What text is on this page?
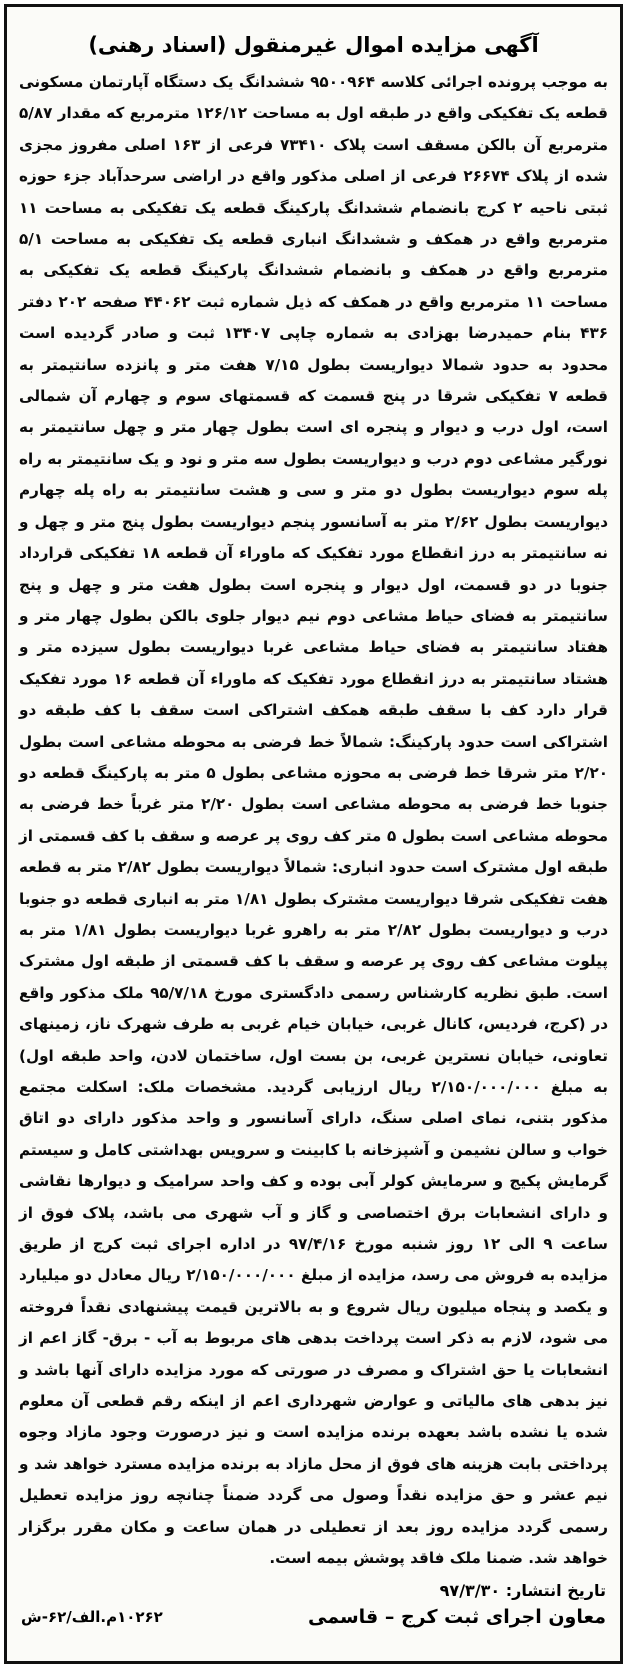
آگهی مزایده اموال غیرمنقول (اسناد رهنی)

به موجب پرونده اجرائی کلاسه ۹۵۰۰۹۶۴ ششدانگ یک دستگاه آپارتمان مسکونی قطعه یک تفکیکی واقع در طبقه اول به مساحت ۱۲۶/۱۲ مترمربع که مقدار ۵/۸۷ مترمربع آن بالکن مسقف است پلاک ۷۳۴۱۰ فرعی از ۱۶۳ اصلی مفروز مجزی شده از پلاک ۲۶۶۷۴ فرعی از اصلی مذکور واقع در اراضی سرحدآباد جزء حوزه ثبتی ناحیه ۲ کرج بانضمام ششدانگ پارکینگ قطعه یک تفکیکی به مساحت ۱۱ مترمربع واقع در همکف و ششدانگ انباری قطعه یک تفکیکی به مساحت ۵/۱ مترمربع واقع در همکف و بانضمام ششدانگ پارکینگ قطعه یک تفکیکی به مساحت ۱۱ مترمربع واقع در همکف که ذیل شماره ثبت ۴۴۰۶۲ صفحه ۲۰۲ دفتر ۴۳۶ بنام حمیدرضا بهزادی به شماره چاپی ۱۳۴۰۷ ثبت و صادر گردیده است محدود به حدود شمالا دیواریست بطول ۷/۱۵ هفت متر و پانزده سانتیمتر به قطعه ۷ تفکیکی شرقا در پنج قسمت که قسمتهای سوم و چهارم آن شمالی است، اول درب و دیوار و پنجره ای است بطول چهار متر و چهل سانتیمتر به نورگیر مشاعی دوم درب و دیواریست بطول سه متر و نود و یک سانتیمتر به راه پله سوم دیواریست بطول دو متر و سی و هشت سانتیمتر به راه پله چهارم دیواریست بطول ۲/۶۲ متر به آسانسور پنجم دیواریست بطول پنج متر و چهل و نه سانتیمتر به درز انقطاع مورد تفکیک که ماوراء آن قطعه ۱۸ تفکیکی قرارداد جنوبا در دو قسمت، اول دیوار و پنجره است بطول هفت متر و چهل و پنج سانتیمتر به فضای حیاط مشاعی دوم نیم دیوار جلوی بالکن بطول چهار متر و هفتاد سانتیمتر به فضای حیاط مشاعی غربا دیواریست بطول سیزده متر و هشتاد سانتیمتر به درز انقطاع مورد تفکیک که ماوراء آن قطعه ۱۶ مورد تفکیک قرار دارد کف با سقف طبقه همکف اشتراکی است سقف با کف طبقه دو اشتراکی است حدود پارکینگ: شمالاً خط فرضی به محوطه مشاعی است بطول ۲/۲۰ متر شرقا خط فرضی به محوزه مشاعی بطول ۵ متر به پارکینگ قطعه دو جنوبا خط فرضی به محوطه مشاعی است بطول ۲/۲۰ متر غرباً خط فرضی به محوطه مشاعی است بطول ۵ متر کف روی پر عرصه و سقف با کف قسمتی از طبقه اول مشترک است حدود انباری: شمالاً دیواریست بطول ۲/۸۲ متر به قطعه هفت تفکیکی شرقا دیواریست مشترک بطول ۱/۸۱ متر به انباری قطعه دو جنوبا درب و دیواریست بطول ۲/۸۲ متر به راهرو غربا دیواریست بطول ۱/۸۱ متر به پیلوت مشاعی کف روی پر عرصه و سقف با کف قسمتی از طبقه اول مشترک است. طبق نظریه کارشناس رسمی دادگستری مورخ ۹۵/۷/۱۸ ملک مذکور واقع در (کرج، فردیس، کانال غربی، خیابان خیام غربی به طرف شهرک ناز، زمینهای تعاونی، خیابان نسترین غربی، بن بست اول، ساختمان لادن، واحد طبقه اول) به مبلغ ۲/۱۵۰/۰۰۰/۰۰۰ ریال ارزیابی گردید. مشخصات ملک: اسکلت مجتمع مذکور بتنی، نمای اصلی سنگ، دارای آسانسور و واحد مذکور دارای دو اتاق خواب و سالن نشیمن و آشپزخانه با کابینت و سرویس بهداشتی کامل و سیستم گرمایش پکیج و سرمایش کولر آبی بوده و کف واحد سرامیک و دیوارها نقاشی و دارای انشعابات برق اختصاصی و گاز و آب شهری می باشد، پلاک فوق از ساعت ۹ الی ۱۲ روز شنبه مورخ ۹۷/۴/۱۶ در اداره اجرای ثبت کرج از طریق مزایده به فروش می رسد، مزایده از مبلغ ۲/۱۵۰/۰۰۰/۰۰۰ ریال معادل دو میلیارد و یکصد و پنجاه میلیون ریال شروع و به بالاترین قیمت پیشنهادی نقداً فروخته می شود، لازم به ذکر است پرداخت بدهی های مربوط به آب - برق- گاز اعم از انشعابات یا حق اشتراک و مصرف در صورتی که مورد مزایده دارای آنها باشد و نیز بدهی های مالیاتی و عوارض شهرداری اعم از اینکه رقم قطعی آن معلوم شده یا نشده باشد بعهده برنده مزایده است و نیز درصورت وجود مازاد وجوه پرداختی بابت هزینه های فوق از محل مازاد به برنده مزایده مسترد خواهد شد و نیم عشر و حق مزایده نقداً وصول می گردد ضمناً چنانچه روز مزایده تعطیل رسمی گردد مزایده روز بعد از تعطیلی در همان ساعت و مکان مقرر برگزار خواهد شد. ضمنا ملک فاقد پوشش بیمه است.

تاریخ انتشار: ۹۷/۳/۳۰
معاون اجرای ثبت کرج – قاسمی
۱۰۲۶۲م.الف/۶۲-ش
